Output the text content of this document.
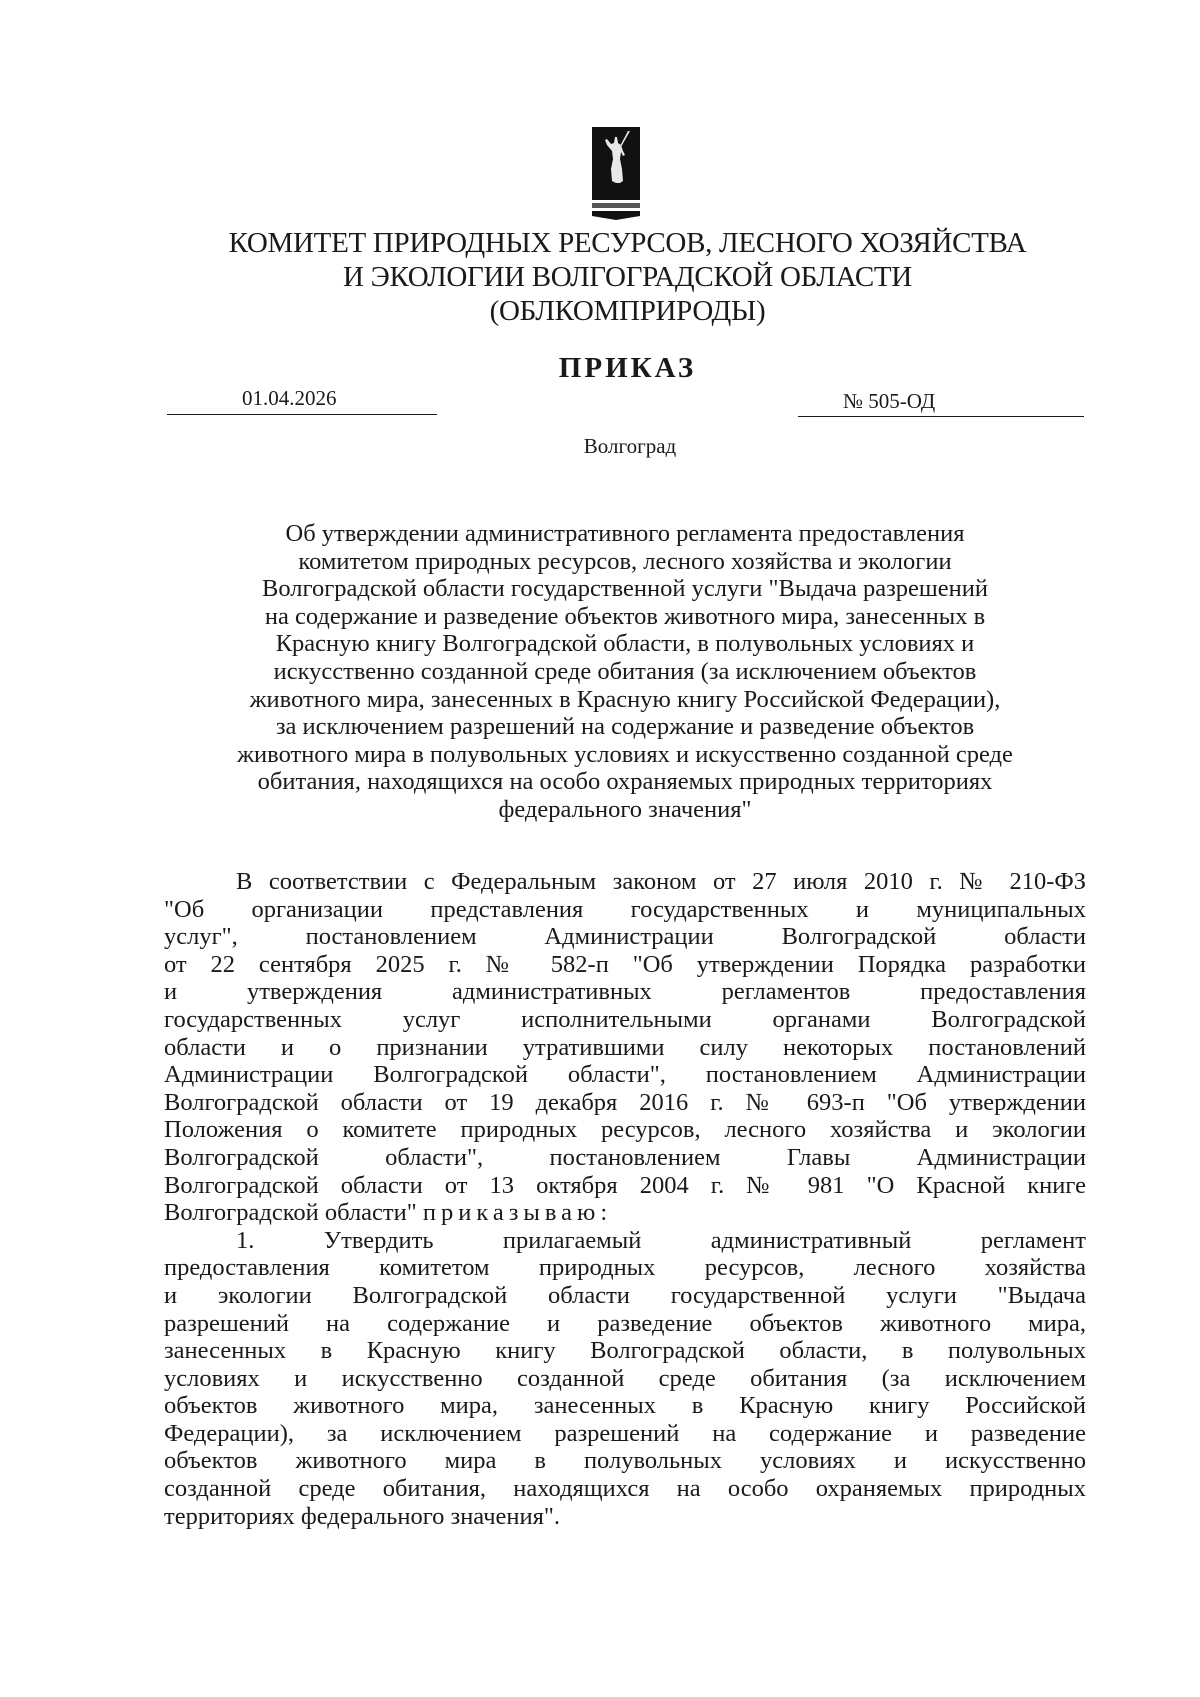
КОМИТЕТ ПРИРОДНЫХ РЕСУРСОВ, ЛЕСНОГО ХОЗЯЙСТВА
И ЭКОЛОГИИ ВОЛГОГРАДСКОЙ ОБЛАСТИ
(ОБЛКОМПРИРОДЫ)
ПРИКАЗ
01.04.2026	№ 505-ОД
Волгоград
Об утверждении административного регламента предоставления
комитетом природных ресурсов, лесного хозяйства и экологии
Волгоградской области государственной услуги "Выдача разрешений
на содержание и разведение объектов животного мира, занесенных в
Красную книгу Волгоградской области, в полувольных условиях и
искусственно созданной среде обитания (за исключением объектов
животного мира, занесенных в Красную книгу Российской Федерации),
за исключением разрешений на содержание и разведение объектов
животного мира в полувольных условиях и искусственно созданной среде
обитания, находящихся на особо охраняемых природных территориях
федерального значения"
В соответствии с Федеральным законом от 27 июля 2010 г. № 210-ФЗ
"Об организации представления государственных и муниципальных
услуг", постановлением Администрации Волгоградской области
от 22 сентября 2025 г. № 582-п "Об утверждении Порядка разработки
и утверждения административных регламентов предоставления
государственных услуг исполнительными органами Волгоградской
области и о признании утратившими силу некоторых постановлений
Администрации Волгоградской области", постановлением Администрации
Волгоградской области от 19 декабря 2016 г. № 693-п "Об утверждении
Положения о комитете природных ресурсов, лесного хозяйства и экологии
Волгоградской области", постановлением Главы Администрации
Волгоградской области от 13 октября 2004 г. № 981 "О Красной книге
Волгоградской области" приказываю:
1. Утвердить прилагаемый административный регламент
предоставления комитетом природных ресурсов, лесного хозяйства
и экологии Волгоградской области государственной услуги "Выдача
разрешений на содержание и разведение объектов животного мира,
занесенных в Красную книгу Волгоградской области, в полувольных
условиях и искусственно созданной среде обитания (за исключением
объектов животного мира, занесенных в Красную книгу Российской
Федерации), за исключением разрешений на содержание и разведение
объектов животного мира в полувольных условиях и искусственно
созданной среде обитания, находящихся на особо охраняемых природных
территориях федерального значения".
